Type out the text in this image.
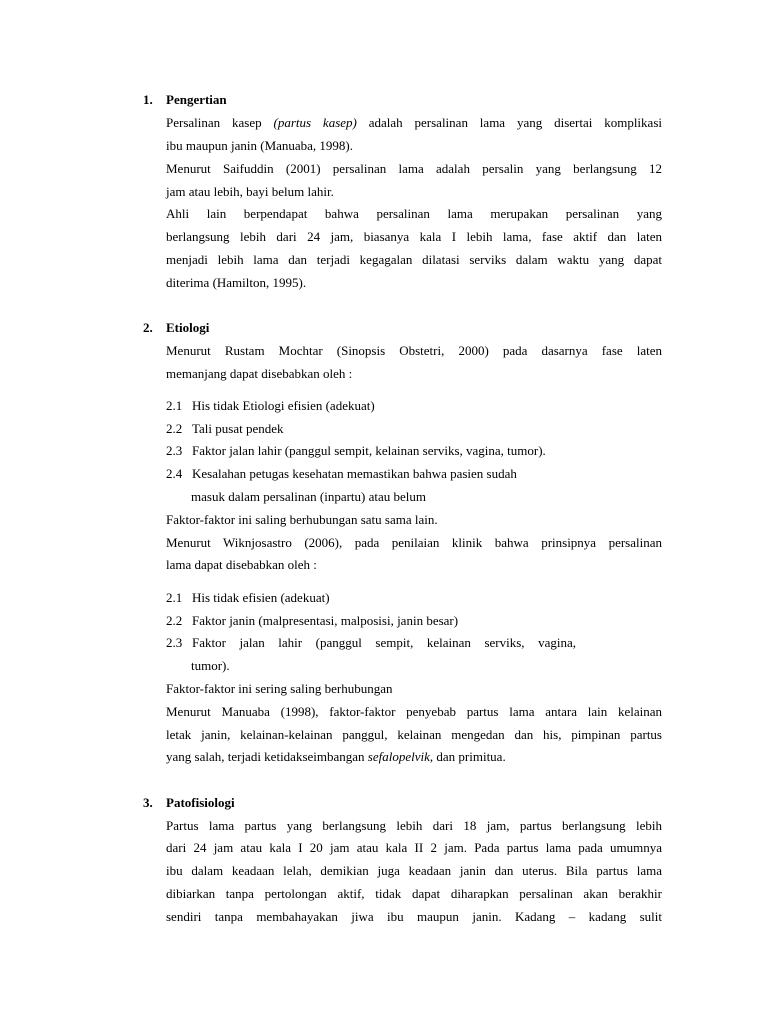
1. Pengertian
Persalinan kasep (partus kasep) adalah persalinan lama yang disertai komplikasi
ibu maupun janin (Manuaba, 1998).
Menurut Saifuddin (2001) persalinan lama adalah persalin yang berlangsung 12
jam atau lebih, bayi belum lahir.
Ahli lain berpendapat bahwa persalinan lama merupakan persalinan yang
berlangsung lebih dari 24 jam, biasanya kala I lebih lama, fase aktif dan laten
menjadi lebih lama dan terjadi kegagalan dilatasi serviks dalam waktu yang dapat
diterima (Hamilton, 1995).
2. Etiologi
Menurut Rustam Mochtar (Sinopsis Obstetri, 2000) pada dasarnya fase laten
memanjang dapat disebabkan oleh :
2.1 His tidak Etiologi efisien (adekuat)
2.2 Tali pusat pendek
2.3 Faktor jalan lahir (panggul sempit, kelainan serviks, vagina, tumor).
2.4 Kesalahan petugas kesehatan memastikan bahwa pasien sudah
masuk dalam persalinan (inpartu) atau belum
Faktor-faktor ini saling berhubungan satu sama lain.
Menurut Wiknjosastro (2006), pada penilaian klinik bahwa prinsipnya persalinan
lama dapat disebabkan oleh :
2.1 His tidak efisien (adekuat)
2.2 Faktor janin (malpresentasi, malposisi, janin besar)
2.3 Faktor jalan lahir (panggul sempit, kelainan serviks, vagina,
tumor).
Faktor-faktor ini sering saling berhubungan
Menurut Manuaba (1998), faktor-faktor penyebab partus lama antara lain kelainan
letak janin, kelainan-kelainan panggul, kelainan mengedan dan his, pimpinan partus
yang salah, terjadi ketidakseimbangan sefalopelvik, dan primitua.
3. Patofisiologi
Partus lama partus yang berlangsung lebih dari 18 jam, partus berlangsung lebih
dari 24 jam atau kala I 20 jam atau kala II 2 jam. Pada partus lama pada umumnya
ibu dalam keadaan lelah, demikian juga keadaan janin dan uterus. Bila partus lama
dibiarkan tanpa pertolongan aktif, tidak dapat diharapkan persalinan akan berakhir
sendiri tanpa membahayakan jiwa ibu maupun janin. Kadang – kadang sulit
